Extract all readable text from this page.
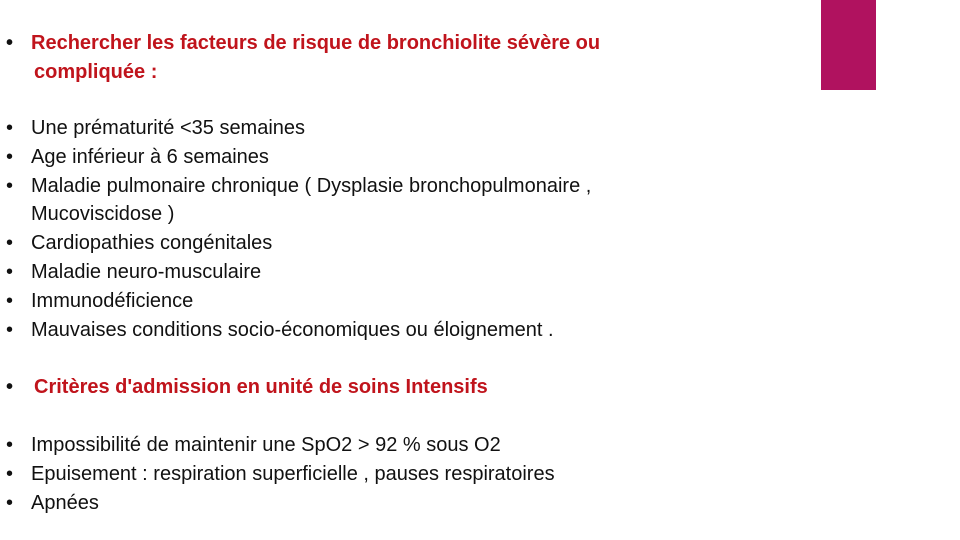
• Rechercher les facteurs de risque de bronchiolite sévère ou
compliquée :
• Une prématurité <35 semaines
• Age inférieur à 6 semaines
• Maladie pulmonaire chronique ( Dysplasie bronchopulmonaire ,
Mucoviscidose )
• Cardiopathies congénitales
• Maladie neuro-musculaire
• Immunodéficience
• Mauvaises conditions socio-économiques ou éloignement .
•	Critères d'admission en unité de soins Intensifs
• Impossibilité de maintenir une SpO2 > 92 % sous O2
• Epuisement : respiration superficielle , pauses respiratoires
• Apnées
